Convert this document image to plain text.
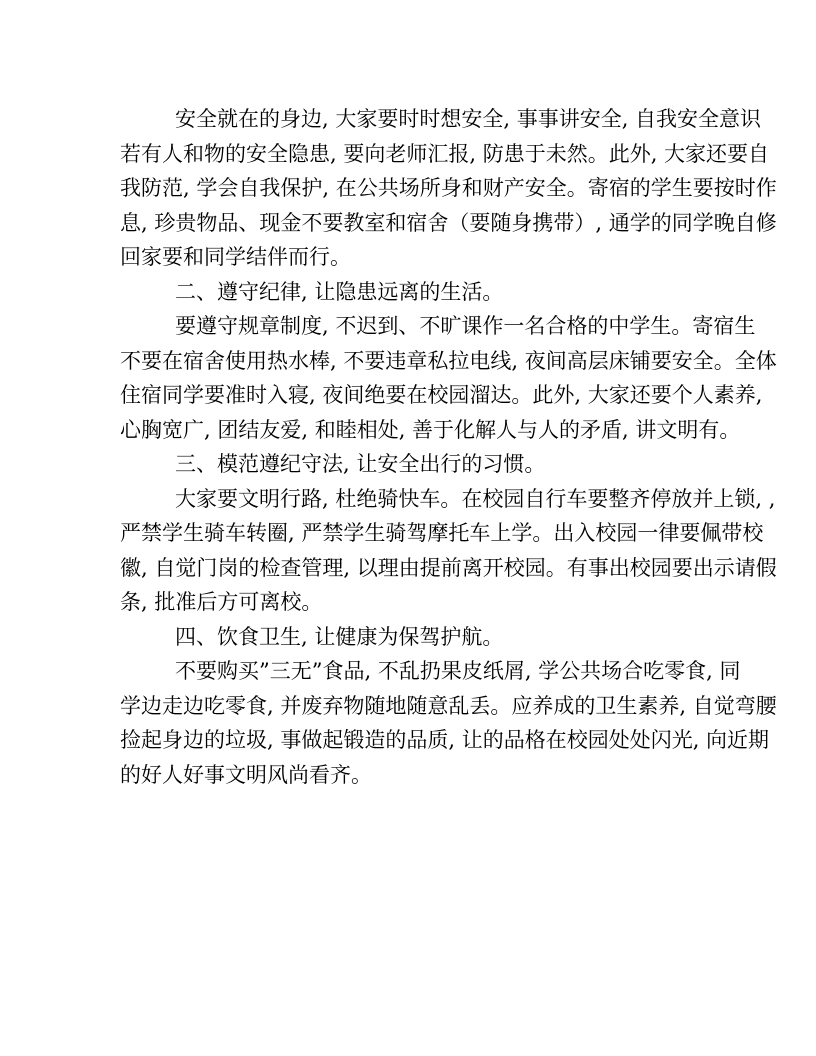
安全就在的身边, 大家要时时想安全, 事事讲安全, 自我安全意识
若有人和物的安全隐患, 要向老师汇报, 防患于未然。此外, 大家还要自
我防范, 学会自我保护, 在公共场所身和财产安全。寄宿的学生要按时作
息, 珍贵物品、现金不要教室和宿舍（要随身携带）, 通学的同学晚自修
回家要和同学结伴而行。
二、遵守纪律, 让隐患远离的生活。
要遵守规章制度, 不迟到、不旷课作一名合格的中学生。寄宿生
不要在宿舍使用热水棒, 不要违章私拉电线, 夜间高层床铺要安全。全体
住宿同学要准时入寝, 夜间绝要在校园溜达。此外, 大家还要个人素养,
心胸宽广, 团结友爱, 和睦相处, 善于化解人与人的矛盾, 讲文明有。
三、模范遵纪守法, 让安全出行的习惯。
大家要文明行路, 杜绝骑快车。在校园自行车要整齐停放并上锁, ,
严禁学生骑车转圈, 严禁学生骑驾摩托车上学。出入校园一律要佩带校
徽, 自觉门岗的检查管理, 以理由提前离开校园。有事出校园要出示请假
条, 批准后方可离校。
四、饮食卫生, 让健康为保驾护航。
不要购买”三无”食品, 不乱扔果皮纸屑, 学公共场合吃零食, 同
学边走边吃零食, 并废弃物随地随意乱丢。应养成的卫生素养, 自觉弯腰
捡起身边的垃圾, 事做起锻造的品质, 让的品格在校园处处闪光, 向近期
的好人好事文明风尚看齐。
